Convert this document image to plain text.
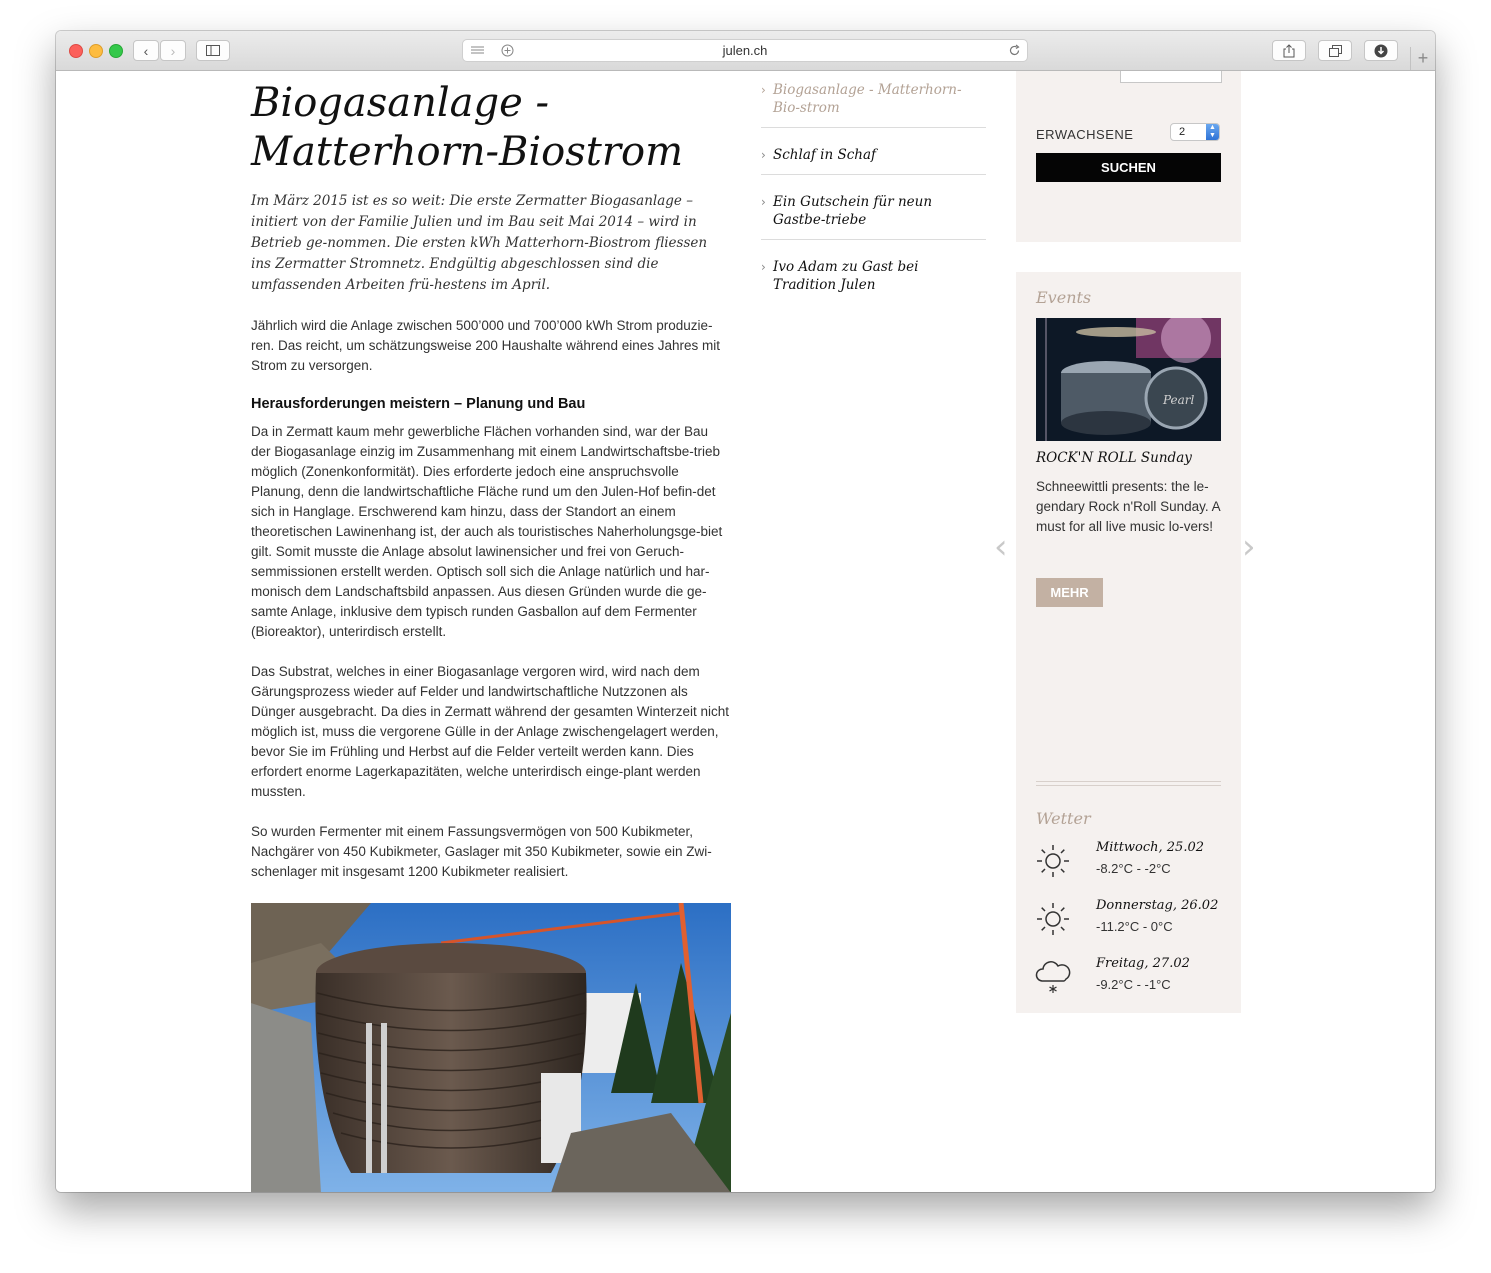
‹	›	julen.ch	+
Biogasanlage - Matterhorn-Biostrom
Im März 2015 ist es so weit: Die erste Zermatter Biogasanlage – initiert von der Familie Julien und im Bau seit Mai 2014 – wird in Betrieb ge-nommen. Die ersten kWh Matterhorn-Biostrom fliessen ins Zermatter Stromnetz. Endgültig abgeschlossen sind die umfassenden Arbeiten frü-hestens im April.
Jährlich wird die Anlage zwischen 500’000 und 700’000 kWh Strom produzie-ren. Das reicht, um schätzungsweise 200 Haushalte während eines Jahres mit Strom zu versorgen.
Herausforderungen meistern – Planung und Bau
Da in Zermatt kaum mehr gewerbliche Flächen vorhanden sind, war der Bau der Biogasanlage einzig im Zusammenhang mit einem Landwirtschaftsbe-trieb möglich (Zonenkonformität). Dies erforderte jedoch eine anspruchsvolle Planung, denn die landwirtschaftliche Fläche rund um den Julen-Hof befin-det sich in Hanglage. Erschwerend kam hinzu, dass der Standort an einem theoretischen Lawinenhang ist, der auch als touristisches Naherholungsge-biet gilt. Somit musste die Anlage absolut lawinensicher und frei von Geruch-semmissionen erstellt werden. Optisch soll sich die Anlage natürlich und har-monisch dem Landschaftsbild anpassen. Aus diesen Gründen wurde die ge-samte Anlage, inklusive dem typisch runden Gasballon auf dem Fermenter (Bioreaktor), unterirdisch erstellt.
Das Substrat, welches in einer Biogasanlage vergoren wird, wird nach dem Gärungsprozess wieder auf Felder und landwirtschaftliche Nutzzonen als Dünger ausgebracht. Da dies in Zermatt während der gesamten Winterzeit nicht möglich ist, muss die vergorene Gülle in der Anlage zwischengelagert werden, bevor Sie im Frühling und Herbst auf die Felder verteilt werden kann. Dies erfordert enorme Lagerkapazitäten, welche unterirdisch einge-plant werden mussten.
So wurden Fermenter mit einem Fassungsvermögen von 500 Kubikmeter, Nachgärer von 450 Kubikmeter, Gaslager mit 350 Kubikmeter, sowie ein Zwi-schenlager mit insgesamt 1200 Kubikmeter realisiert.
› Biogasanlage - Matterhorn-Bio-strom
› Schlaf in Schaf
› Ein Gutschein für neun Gastbe-triebe
› Ivo Adam zu Gast bei Tradition Julen
ERWACHSENE	2	▲
▼

SUCHEN
Events
Pearl
ROCK'N ROLL Sunday
Schneewittli presents: the le-gendary Rock n'Roll Sunday. A must for all live music lo-vers!
MEHR
‹	›
Wetter
Mittwoch, 25.02
-8.2°C - -2°C
Donnerstag, 26.02
-11.2°C - 0°C
Freitag, 27.02
-9.2°C - -1°C
